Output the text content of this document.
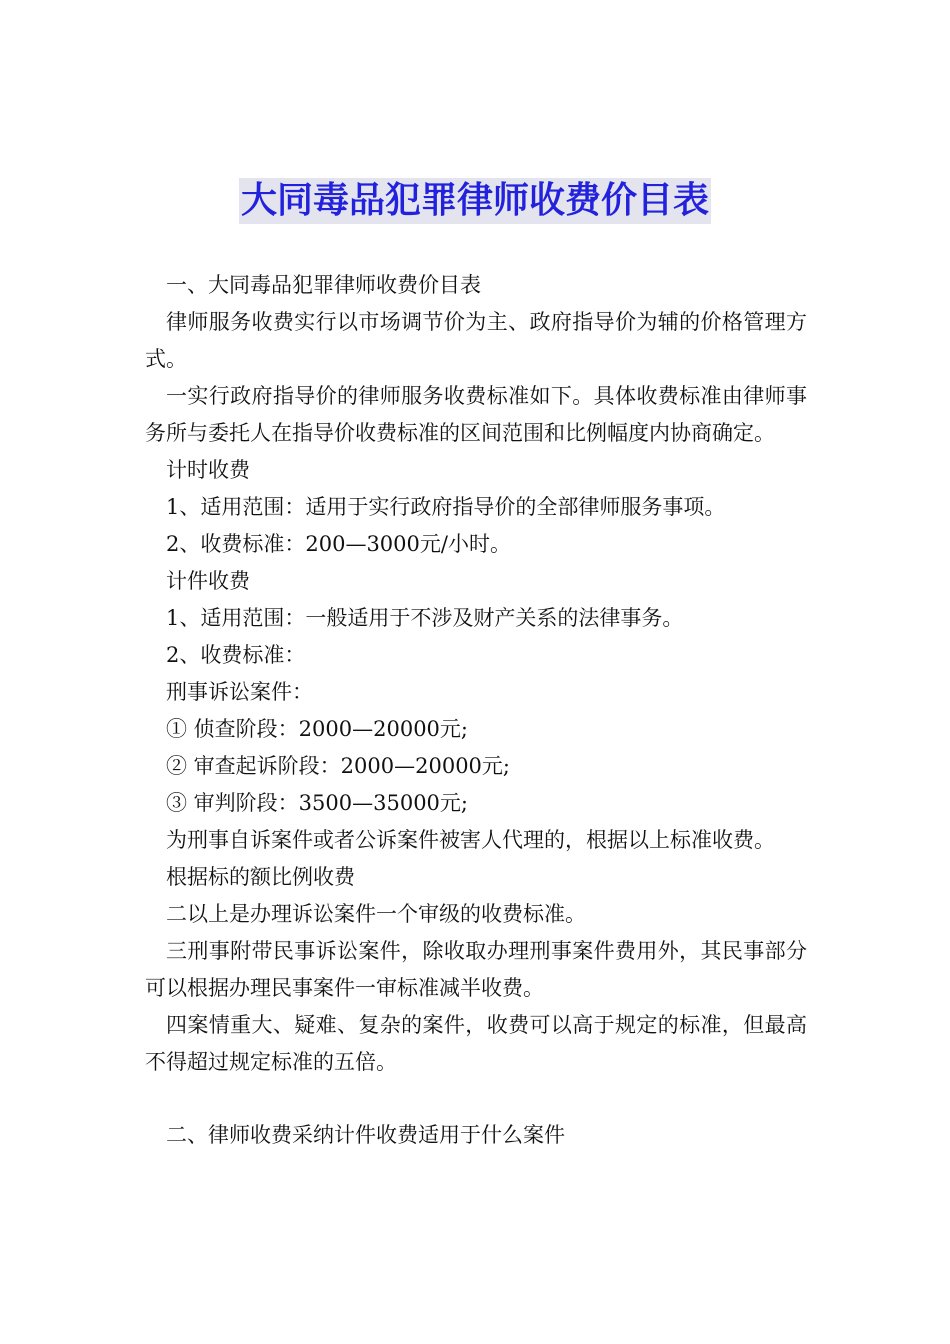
大同毒品犯罪律师收费价目表

一、大同毒品犯罪律师收费价目表

律师服务收费实行以市场调节价为主、政府指导价为辅的价格管理方式。

一实行政府指导价的律师服务收费标准如下。具体收费标准由律师事务所与委托人在指导价收费标准的区间范围和比例幅度内协商确定。

计时收费

1、适用范围：适用于实行政府指导价的全部律师服务事项。

2、收费标准：200—3000元/小时。

计件收费

1、适用范围：一般适用于不涉及财产关系的法律事务。

2、收费标准：

刑事诉讼案件：

① 侦查阶段：2000—20000元;

② 审查起诉阶段：2000—20000元;

③ 审判阶段：3500—35000元;

为刑事自诉案件或者公诉案件被害人代理的，根据以上标准收费。

根据标的额比例收费

二以上是办理诉讼案件一个审级的收费标准。

三刑事附带民事诉讼案件，除收取办理刑事案件费用外，其民事部分可以根据办理民事案件一审标准减半收费。

四案情重大、疑难、复杂的案件，收费可以高于规定的标准，但最高不得超过规定标准的五倍。

二、律师收费采纳计件收费适用于什么案件
